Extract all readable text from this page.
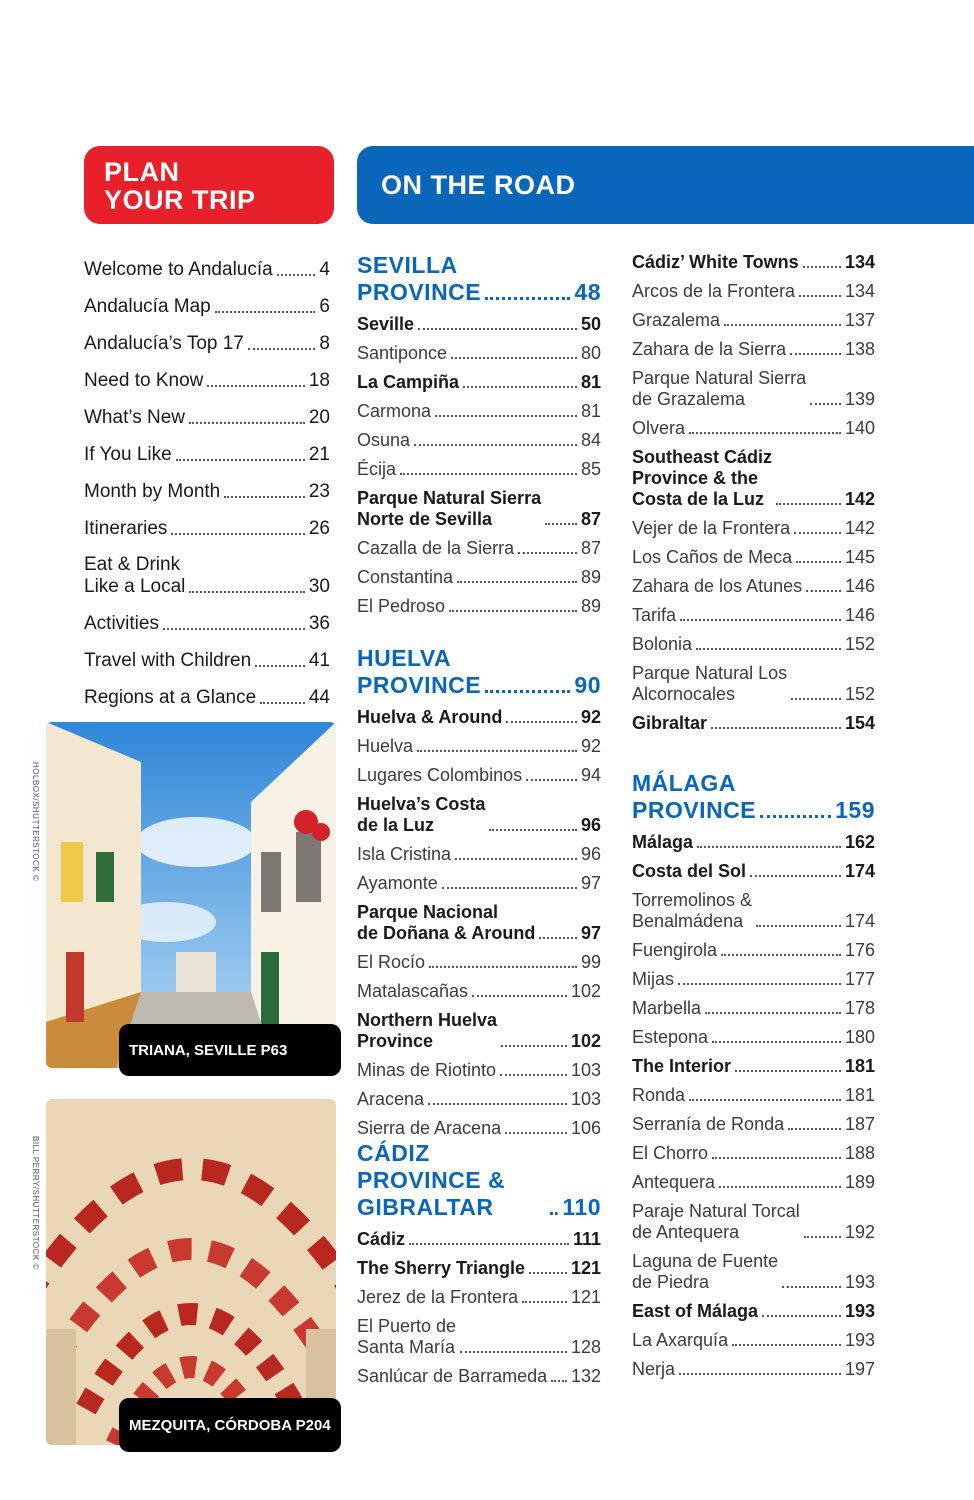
PLAN
YOUR TRIP	ON THE ROAD
Welcome to Andalucía 4
Andalucía Map	6
Andalucía’s Top 17	8
Need to Know	18
What’s New	20
If You Like	21
Month by Month	23
Itineraries	26
Eat & Drink
Like a Local	30
Activities	36
Travel with Children	41
Regions at a Glance	44
SEVILLA
PROVINCE	48
Seville	50
Santiponce	80
La Campiña	81
Carmona	81
Osuna	84
Écija	85
Parque Natural Sierra
Norte de Sevilla	87
Cazalla de la Sierra	87
Constantina	89
El Pedroso	89
HUELVA
PROVINCE	90
Huelva & Around	92
Huelva	92
Lugares Colombinos	94
Huelva’s Costa
de la Luz	96
Isla Cristina	96
Ayamonte	97
Parque Nacional
de Doñana & Around	97
El Rocío	99
Matalascañas	102
Northern Huelva
Province	102
Minas de Riotinto	103
Aracena	103
Sierra de Aracena	106
CÁDIZ PROVINCE &
GIBRALTAR	110
Cádiz	111
The Sherry Triangle	121
Jerez de la Frontera	121
El Puerto de
Santa María	128
Sanlúcar de Barrameda 132
Cádiz’ White Towns	134
Arcos de la Frontera	134
Grazalema	137
Zahara de la Sierra	138
Parque Natural Sierra
de Grazalema	139
Olvera	140
Southeast Cádiz
Province & the
Costa de la Luz	142
Vejer de la Frontera	142
Los Caños de Meca	145
Zahara de los Atunes 146
Tarifa	146
Bolonia	152
Parque Natural Los
Alcornocales	152
Gibraltar	154
MÁLAGA
PROVINCE	159
Málaga	162
Costa del Sol	174
Torremolinos &
Benalmádena	174
Fuengirola	176
Mijas	177
Marbella	178
Estepona	180
The Interior	181
Ronda	181
Serranía de Ronda	187
El Chorro	188
Antequera	189
Paraje Natural Torcal
de Antequera	192
Laguna de Fuente
de Piedra	193
East of Málaga	193
La Axarquía	193
Nerja	197
TRIANA, SEVILLE P63
HOLBOX/SHUTTERSTOCK ©
MEZQUITA, CÓRDOBA P204
BILL PERRY/SHUTTERSTOCK ©
